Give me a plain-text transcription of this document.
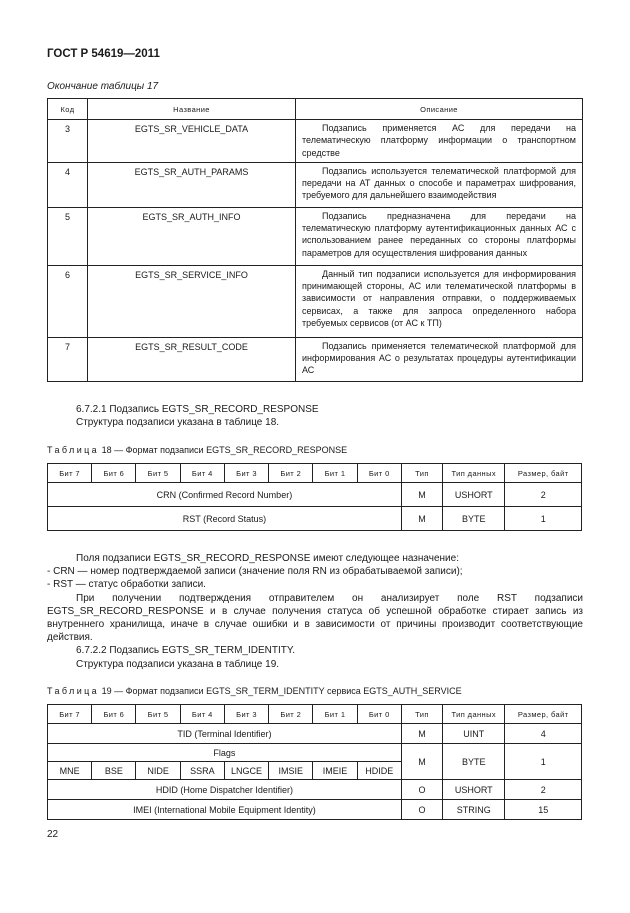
ГОСТ Р 54619—2011
Окончание таблицы 17
Код	Название	Описание
3	EGTS_SR_VEHICLE_DATA	Подзапись применяется АС для передачи на телематическую платформу информации о транспортном средстве
4	EGTS_SR_AUTH_PARAMS	Подзапись используется телематической платформой для передачи на АТ данных о способе и параметрах шифрования, требуемого для дальнейшего взаимодействия
5	EGTS_SR_AUTH_INFO	Подзапись предназначена для передачи на телематическую платформу аутентификационных данных АС с использованием ранее переданных со стороны платформы параметров для осуществления шифрования данных
6	EGTS_SR_SERVICE_INFO	Данный тип подзаписи используется для информирования принимающей стороны, АС или телематической платформы в зависимости от направления отправки, о поддерживаемых сервисах, а также для запроса определенного набора требуемых сервисов (от АС к ТП)
7	EGTS_SR_RESULT_CODE	Подзапись применяется телематической платформой для информирования АС о результатах процедуры аутентификации АС

6.7.2.1 Подзапись EGTS_SR_RECORD_RESPONSE

Структура подзаписи указана в таблице 18.

Таблица 18 — Формат подзаписи EGTS_SR_RECORD_RESPONSE
Бит 7	Бит 6	Бит 5	Бит 4	Бит 3	Бит 2	Бит 1	Бит 0	Тип	Тип данных	Размер, байт
CRN (Confirmed Record Number)								M	USHORT	2
RST (Record Status)								M	BYTE	1

Поля подзаписи EGTS_SR_RECORD_RESPONSE имеют следующее назначение:

- CRN — номер подтверждаемой записи (значение поля RN из обрабатываемой записи);

- RST — статус обработки записи.

При получении подтверждения отправителем он анализирует поле RST подзаписи EGTS_SR_RECORD_RESPONSE и в случае получения статуса об успешной обработке стирает запись из внутреннего хранилища, иначе в случае ошибки и в зависимости от причины производит соответствующие действия.

6.7.2.2 Подзапись EGTS_SR_TERM_IDENTITY.

Структура подзаписи указана в таблице 19.

Таблица 19 — Формат подзаписи EGTS_SR_TERM_IDENTITY сервиса EGTS_AUTH_SERVICE
Бит 7	Бит 6	Бит 5	Бит 4	Бит 3	Бит 2	Бит 1	Бит 0	Тип	Тип данных	Размер, байт
TID (Terminal Identifier)								M	UINT	4
Flags								M	BYTE	1
MNE	BSE	NIDE	SSRA	LNGCE	IMSIE	IMEIE	HDIDE			
HDID (Home Dispatcher Identifier)								O	USHORT	2
IMEI (International Mobile Equipment Identity)								O	STRING	15
22
